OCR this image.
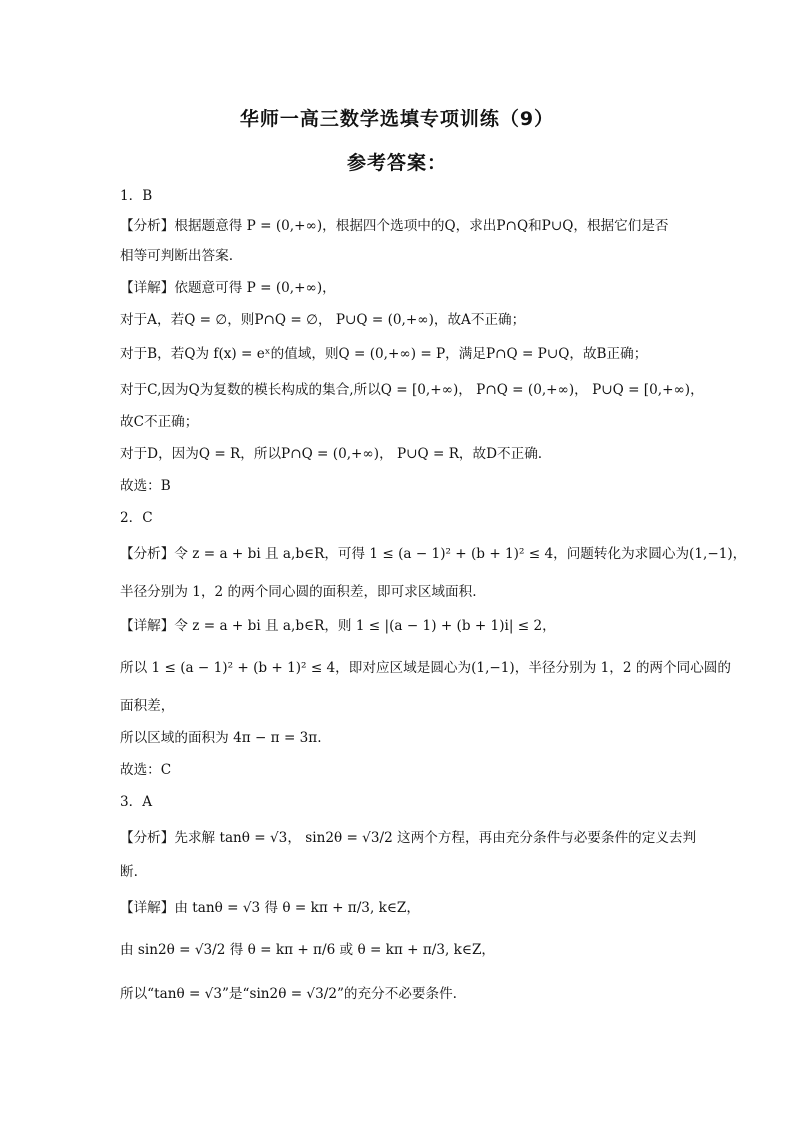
华师一高三数学选填专项训练（9）
参考答案：
1．B
【分析】根据题意得 P = (0,+∞)，根据四个选项中的Q，求出P∩Q和P∪Q，根据它们是否
相等可判断出答案.
【详解】依题意可得 P = (0,+∞)，
对于A，若Q = ∅，则P∩Q = ∅， P∪Q = (0,+∞)，故A不正确；
对于B，若Q为 f(x) = eˣ的值域，则Q = (0,+∞) = P，满足P∩Q = P∪Q，故B正确；
对于C,因为Q为复数的模长构成的集合,所以Q = [0,+∞)， P∩Q = (0,+∞)， P∪Q = [0,+∞)，
故C不正确；
对于D，因为Q = R，所以P∩Q = (0,+∞)， P∪Q = R，故D不正确.
故选：B
2．C
【分析】令 z = a + bi 且 a,b∈R，可得 1 ≤ (a − 1)² + (b + 1)² ≤ 4，问题转化为求圆心为(1,−1)，
半径分别为 1，2 的两个同心圆的面积差，即可求区域面积.
【详解】令 z = a + bi 且 a,b∈R，则 1 ≤ |(a − 1) + (b + 1)i| ≤ 2，
所以 1 ≤ (a − 1)² + (b + 1)² ≤ 4，即对应区域是圆心为(1,−1)，半径分别为 1，2 的两个同心圆的
面积差，
所以区域的面积为 4π − π = 3π.
故选：C
3．A
【分析】先求解 tanθ = √3， sin2θ = √3/2 这两个方程，再由充分条件与必要条件的定义去判
断.
【详解】由 tanθ = √3 得 θ = kπ + π/3, k∈Z，
由 sin2θ = √3/2 得 θ = kπ + π/6 或 θ = kπ + π/3, k∈Z，
所以“tanθ = √3”是“sin2θ = √3/2”的充分不必要条件.
